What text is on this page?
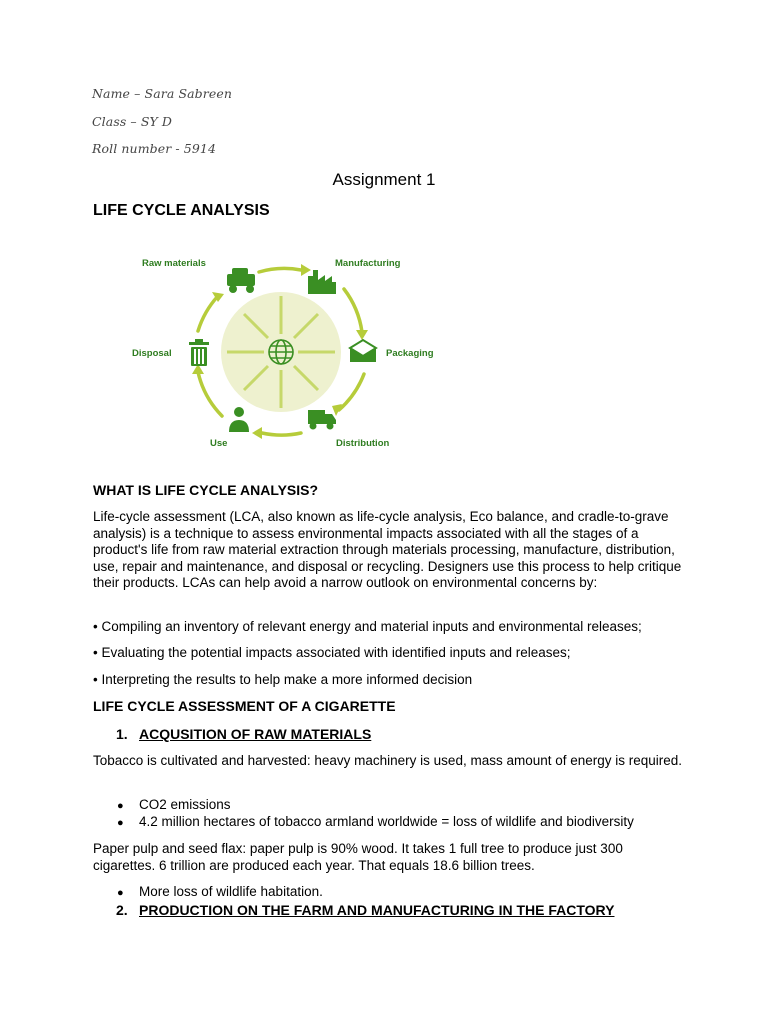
Name – Sara Sabreen
Class – SY D
Roll number - 5914
Assignment 1
LIFE CYCLE ANALYSIS
Raw materials	Manufacturing
Packaging
Distribution
Use
Disposal
WHAT IS LIFE CYCLE ANALYSIS?
Life-cycle assessment (LCA, also known as life-cycle analysis, Eco balance, and cradle-to-grave analysis) is a technique to assess environmental impacts associated with all the stages of a product's life from raw material extraction through materials processing, manufacture, distribution, use, repair and maintenance, and disposal or recycling. Designers use this process to help critique their products. LCAs can help avoid a narrow outlook on environmental concerns by:
• Compiling an inventory of relevant energy and material inputs and environmental releases;
• Evaluating the potential impacts associated with identified inputs and releases;
• Interpreting the results to help make a more informed decision
LIFE CYCLE ASSESSMENT OF A CIGARETTE
1. ACQUSITION OF RAW MATERIALS
Tobacco is cultivated and harvested: heavy machinery is used, mass amount of energy is required.
● CO2 emissions
● 4.2 million hectares of tobacco armland worldwide = loss of wildlife and biodiversity
Paper pulp and seed flax: paper pulp is 90% wood. It takes 1 full tree to produce just 300 cigarettes. 6 trillion are produced each year. That equals 18.6 billion trees.
● More loss of wildlife habitation.
2. PRODUCTION ON THE FARM AND MANUFACTURING IN THE FACTORY
